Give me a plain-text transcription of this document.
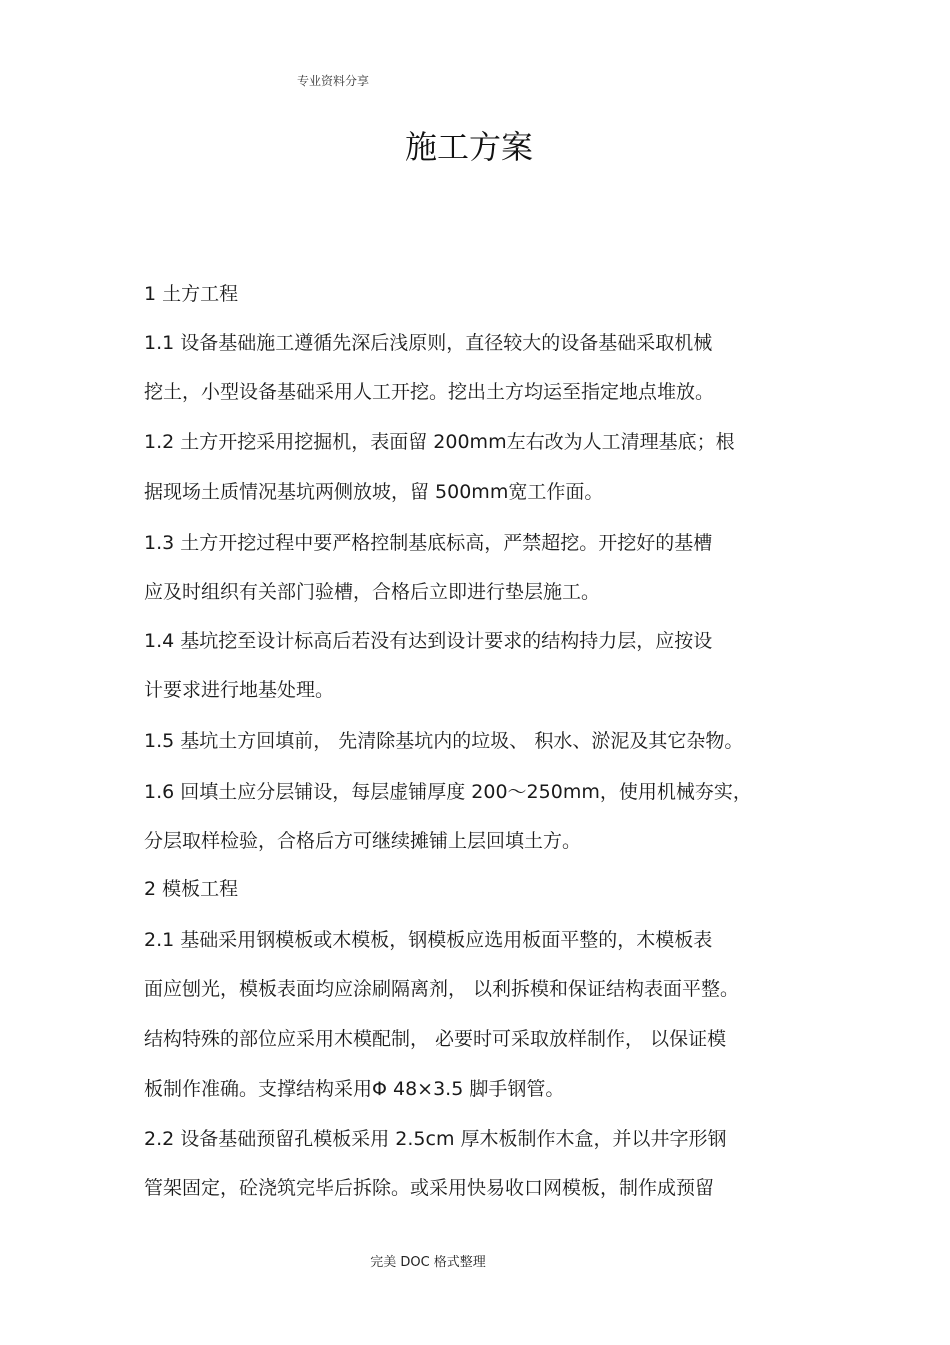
专业资料分享
施工方案
1 土方工程
1.1 设备基础施工遵循先深后浅原则，直径较大的设备基础采取机械
挖土，小型设备基础采用人工开挖。挖出土方均运至指定地点堆放。
1.2 土方开挖采用挖掘机，表面留 200mm左右改为人工清理基底；根
据现场土质情况基坑两侧放坡，留 500mm宽工作面。
1.3 土方开挖过程中要严格控制基底标高，严禁超挖。开挖好的基槽
应及时组织有关部门验槽，合格后立即进行垫层施工。
1.4 基坑挖至设计标高后若没有达到设计要求的结构持力层，应按设
计要求进行地基处理。
1.5 基坑土方回填前， 先清除基坑内的垃圾、 积水、淤泥及其它杂物。
1.6 回填土应分层铺设，每层虚铺厚度 200～250mm，使用机械夯实，
分层取样检验，合格后方可继续摊铺上层回填土方。
2 模板工程
2.1 基础采用钢模板或木模板，钢模板应选用板面平整的，木模板表
面应刨光，模板表面均应涂刷隔离剂， 以利拆模和保证结构表面平整。
结构特殊的部位应采用木模配制， 必要时可采取放样制作， 以保证模
板制作准确。支撑结构采用Φ 48×3.5 脚手钢管。
2.2 设备基础预留孔模板采用 2.5cm 厚木板制作木盒，并以井字形钢
管架固定，砼浇筑完毕后拆除。或采用快易收口网模板，制作成预留
完美 DOC 格式整理
